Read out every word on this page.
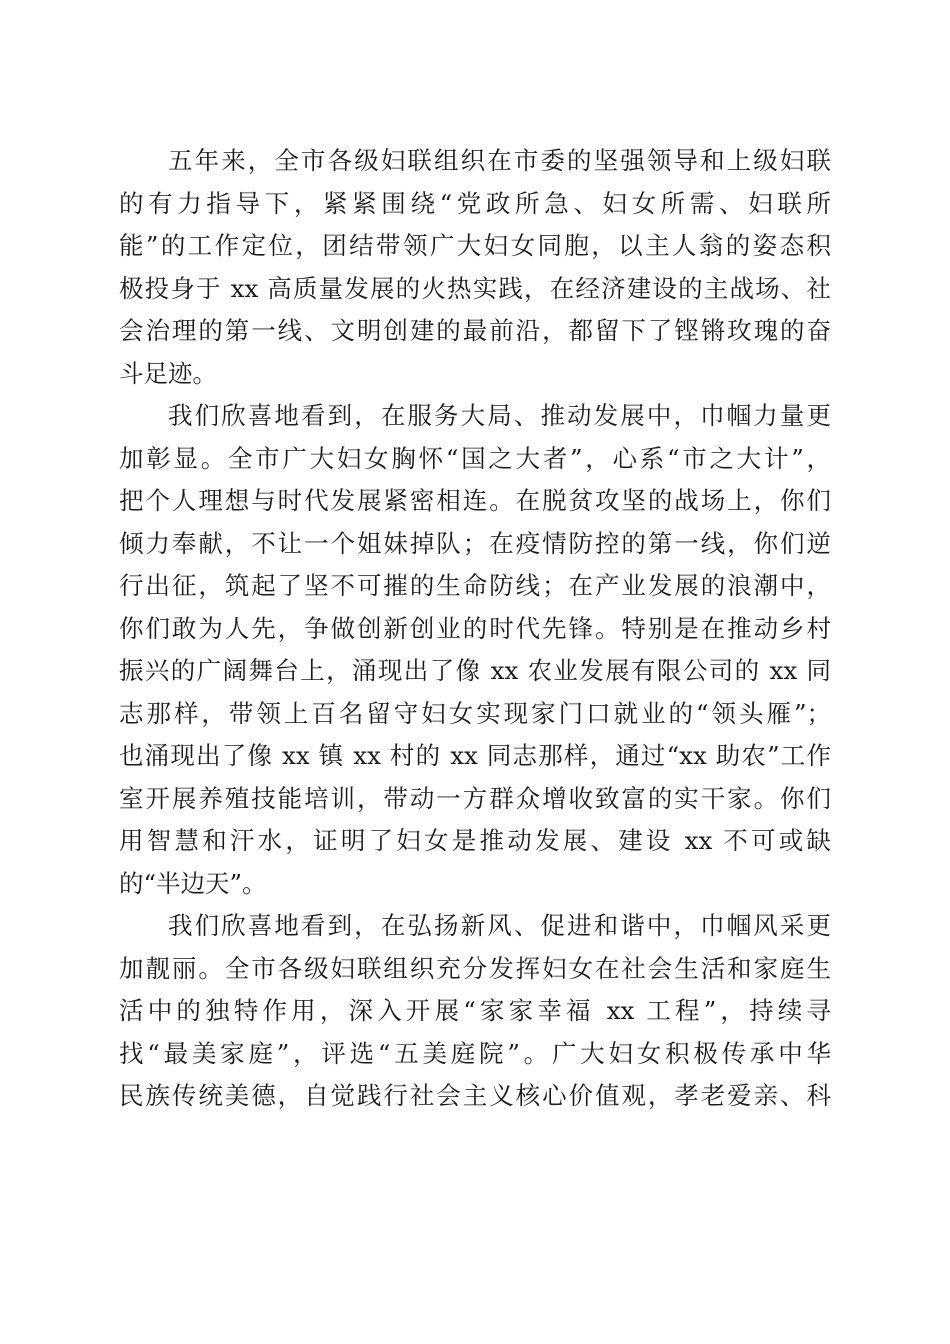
五年来，全市各级妇联组织在市委的坚强领导和上级妇联
的有力指导下，紧紧围绕“党政所急、妇女所需、妇联所
能”的工作定位，团结带领广大妇女同胞，以主人翁的姿态积
极投身于 xx 高质量发展的火热实践，在经济建设的主战场、社
会治理的第一线、文明创建的最前沿，都留下了铿锵玫瑰的奋
斗足迹。
我们欣喜地看到，在服务大局、推动发展中，巾帼力量更
加彰显。全市广大妇女胸怀“国之大者”，心系“市之大计”，
把个人理想与时代发展紧密相连。在脱贫攻坚的战场上，你们
倾力奉献，不让一个姐妹掉队；在疫情防控的第一线，你们逆
行出征，筑起了坚不可摧的生命防线；在产业发展的浪潮中，
你们敢为人先，争做创新创业的时代先锋。特别是在推动乡村
振兴的广阔舞台上，涌现出了像 xx 农业发展有限公司的 xx 同
志那样，带领上百名留守妇女实现家门口就业的“领头雁”；
也涌现出了像 xx 镇 xx 村的 xx 同志那样，通过“xx 助农”工作
室开展养殖技能培训，带动一方群众增收致富的实干家。你们
用智慧和汗水，证明了妇女是推动发展、建设 xx 不可或缺
的“半边天”。
我们欣喜地看到，在弘扬新风、促进和谐中，巾帼风采更
加靓丽。全市各级妇联组织充分发挥妇女在社会生活和家庭生
活中的独特作用，深入开展“家家幸福 xx 工程”，持续寻
找“最美家庭”，评选“五美庭院”。广大妇女积极传承中华
民族传统美德，自觉践行社会主义核心价值观，孝老爱亲、科
